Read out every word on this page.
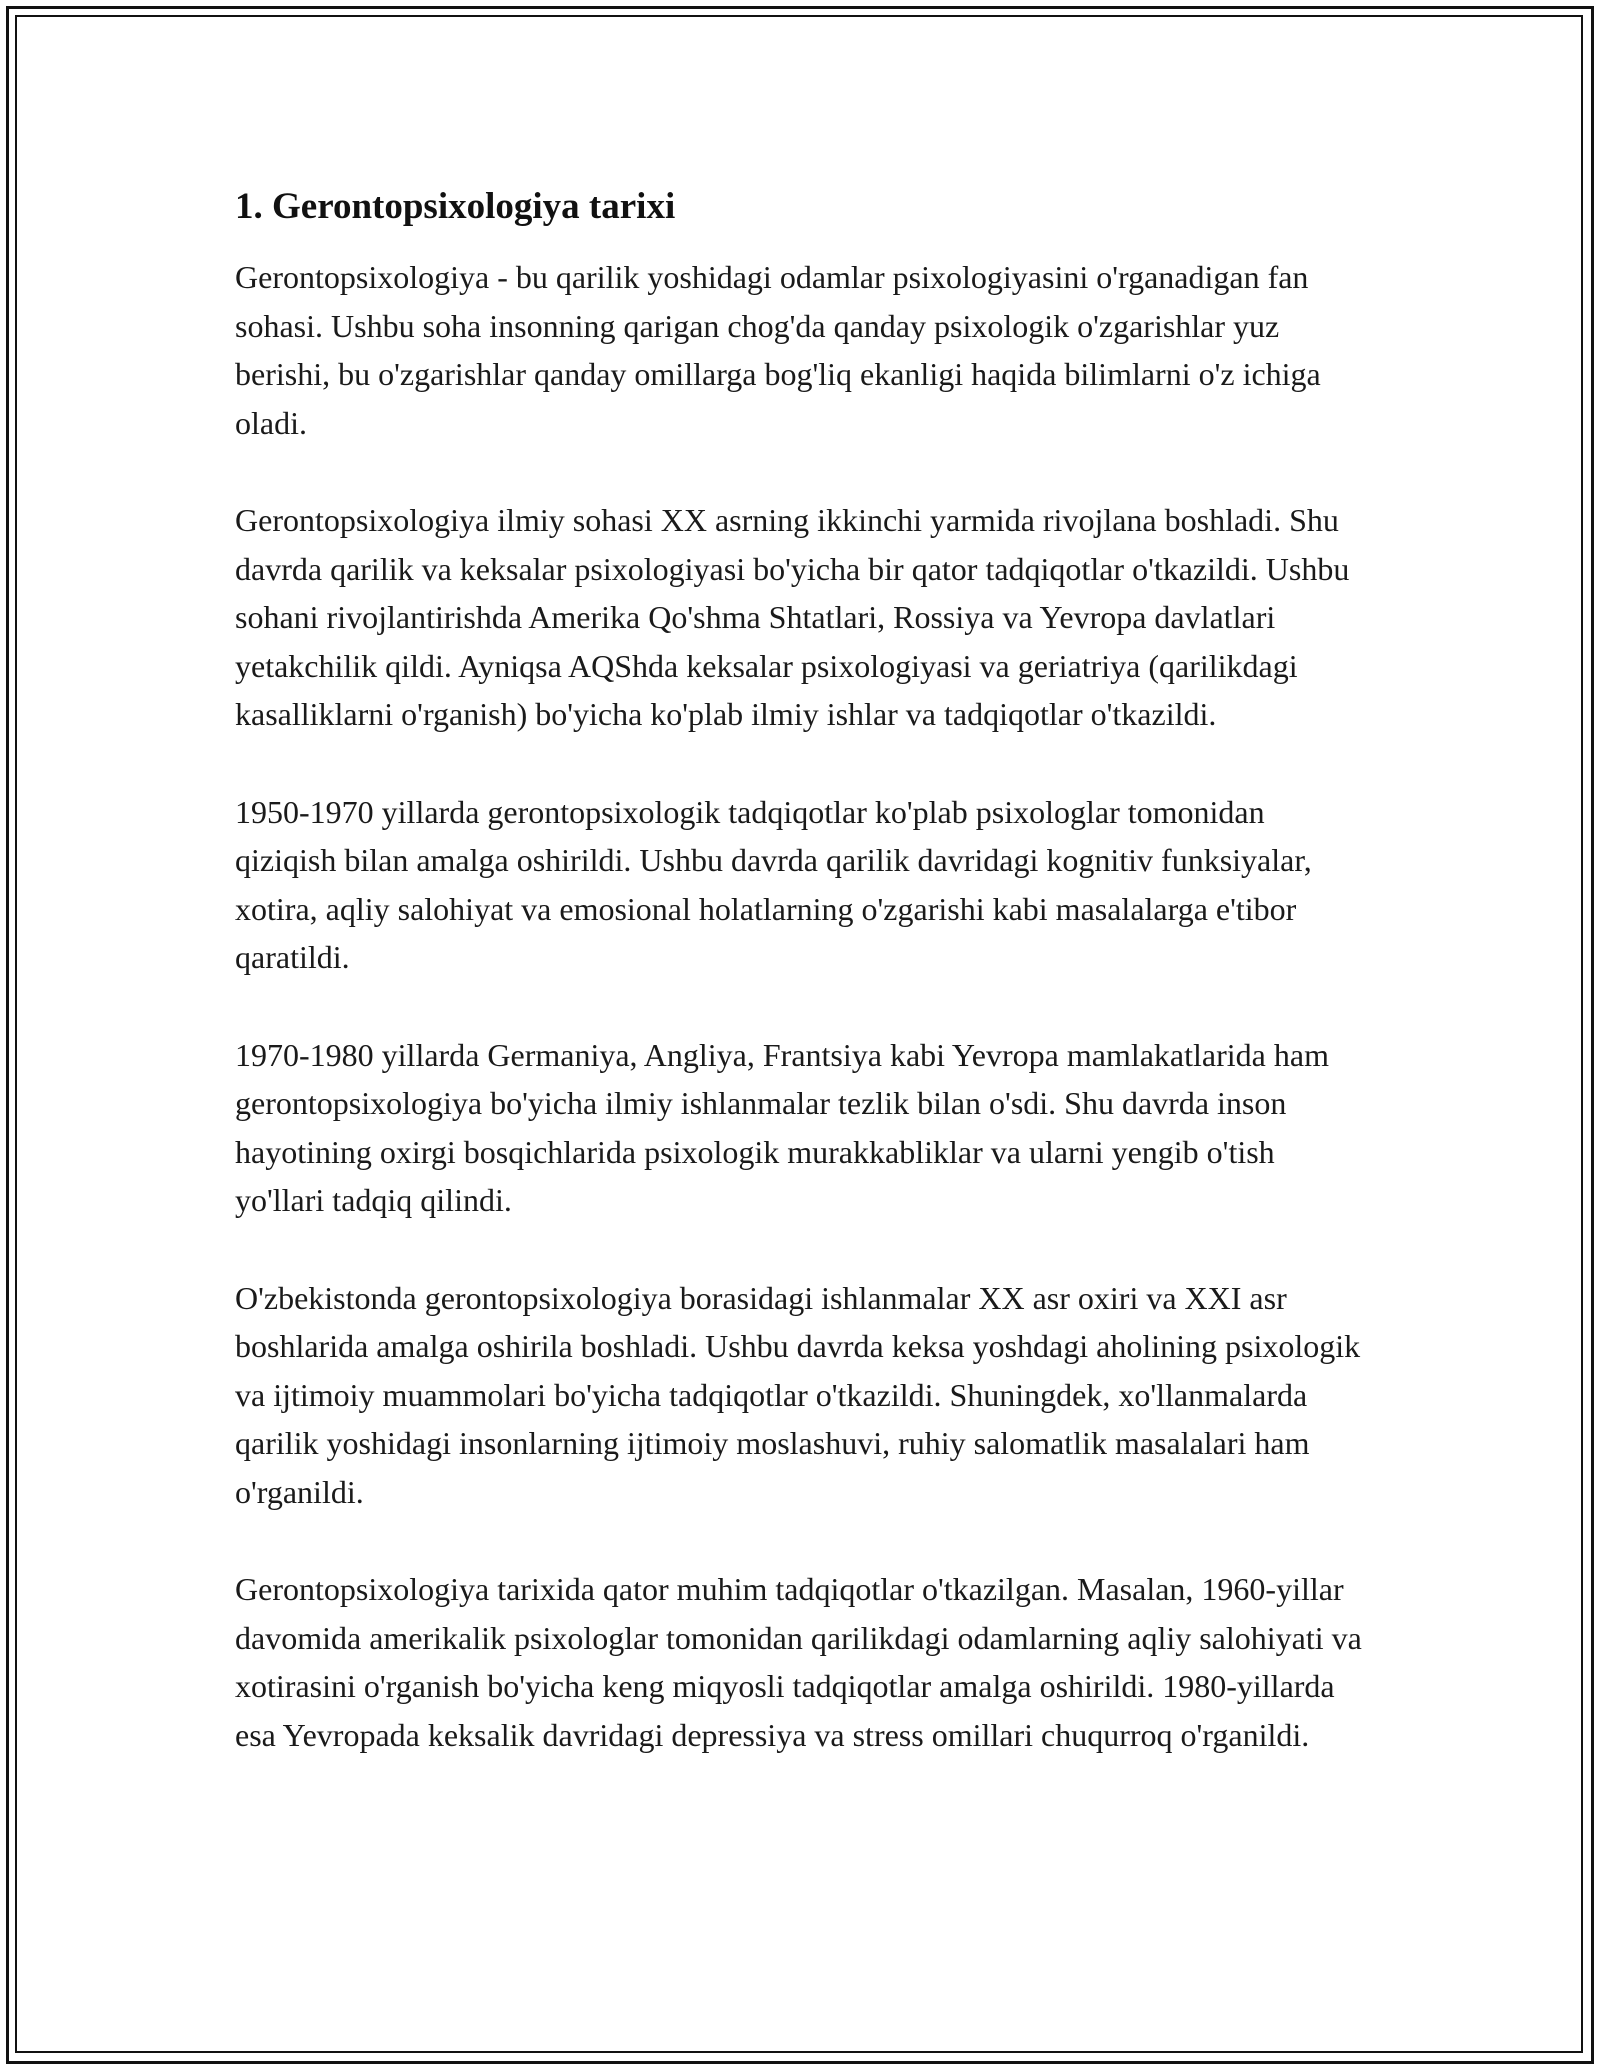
1. Gerontopsixologiya tarixi

Gerontopsixologiya - bu qarilik yoshidagi odamlar psixologiyasini o'rganadigan fan sohasi. Ushbu soha insonning qarigan chog'da qanday psixologik o'zgarishlar yuz berishi, bu o'zgarishlar qanday omillarga bog'liq ekanligi haqida bilimlarni o'z ichiga oladi.

Gerontopsixologiya ilmiy sohasi XX asrning ikkinchi yarmida rivojlana boshladi. Shu davrda qarilik va keksalar psixologiyasi bo'yicha bir qator tadqiqotlar o'tkazildi. Ushbu sohani rivojlantirishda Amerika Qo'shma Shtatlari, Rossiya va Yevropa davlatlari yetakchilik qildi. Ayniqsa AQShda keksalar psixologiyasi va geriatriya (qarilikdagi kasalliklarni o'rganish) bo'yicha ko'plab ilmiy ishlar va tadqiqotlar o'tkazildi.

1950-1970 yillarda gerontopsixologik tadqiqotlar ko'plab psixologlar tomonidan qiziqish bilan amalga oshirildi. Ushbu davrda qarilik davridagi kognitiv funksiyalar, xotira, aqliy salohiyat va emosional holatlarning o'zgarishi kabi masalalarga e'tibor qaratildi.

1970-1980 yillarda Germaniya, Angliya, Frantsiya kabi Yevropa mamlakatlarida ham gerontopsixologiya bo'yicha ilmiy ishlanmalar tezlik bilan o'sdi. Shu davrda inson hayotining oxirgi bosqichlarida psixologik murakkabliklar va ularni yengib o'tish yo'llari tadqiq qilindi.

O'zbekistonda gerontopsixologiya borasidagi ishlanmalar XX asr oxiri va XXI asr boshlarida amalga oshirila boshladi. Ushbu davrda keksa yoshdagi aholining psixologik va ijtimoiy muammolari bo'yicha tadqiqotlar o'tkazildi. Shuningdek, xo'llanmalarda qarilik yoshidagi insonlarning ijtimoiy moslashuvi, ruhiy salomatlik masalalari ham o'rganildi.

Gerontopsixologiya tarixida qator muhim tadqiqotlar o'tkazilgan. Masalan, 1960-yillar davomida amerikalik psixologlar tomonidan qarilikdagi odamlarning aqliy salohiyati va xotirasini o'rganish bo'yicha keng miqyosli tadqiqotlar amalga oshirildi. 1980-yillarda esa Yevropada keksalik davridagi depressiya va stress omillari chuqurroq o'rganildi.
